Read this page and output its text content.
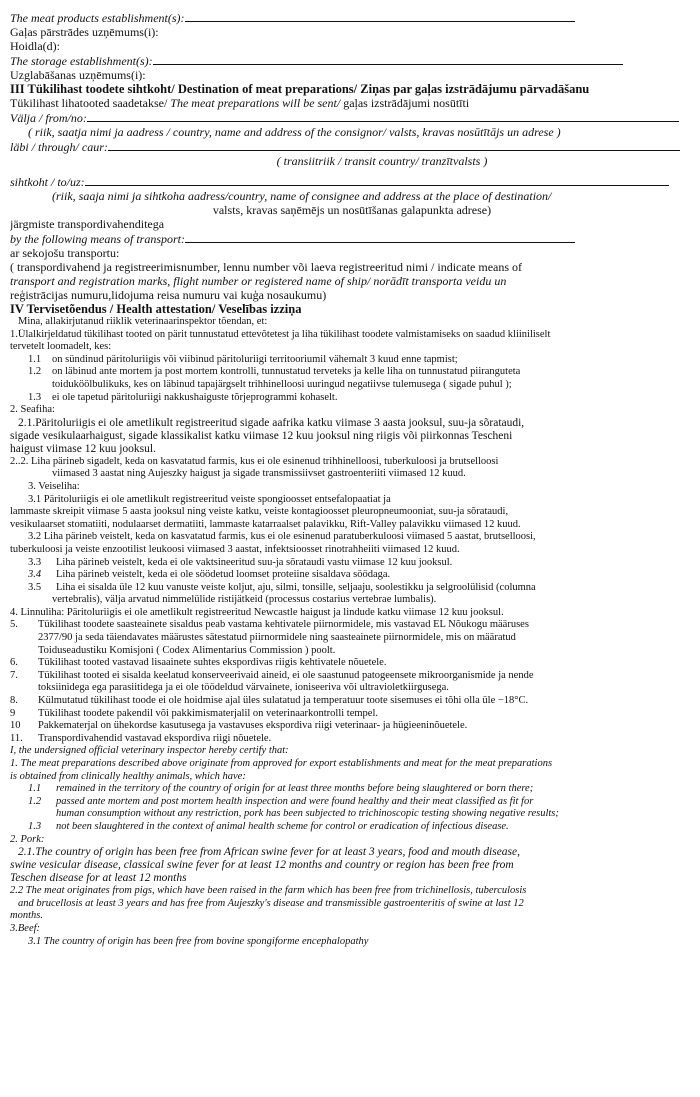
The meat products establishment(s):
Gaļas pārstrādes uzņēmums(i):
Hoidla(d):
The storage establishment(s):
Uzglabāšanas uzņēmums(i):
III Tükilihast toodete sihtkoht/ Destination of meat preparations/ Ziņas par gaļas izstrādājumu pārvadāšanu
Tükilihast lihatooted saadetakse/ The meat preparations will be sent/ gaļas izstrādājumi nosūtīti
Välja / from/no:
( riik, saatja nimi ja aadress / country, name and address of the consignor/ valsts, kravas nosūtītājs un adrese )
läbi / through/ caur:
( transiitriik / transit country/ tranzītvalsts )
sihtkoht / to/uz:
(riik, saaja nimi ja sihtkoha aadress/country, name of consignee and address at the place of destination/
valsts, kravas saņēmējs un nosūtīšanas galapunkta adrese)
järgmiste transpordivahenditega
by the following means of transport:
ar sekojošu transportu:
( transpordivahend ja registreerimisnumber, lennu number või laeva registreeritud nimi / indicate means of
transport and registration marks, flight number or registered name of ship/ norādīt transporta veidu un
reģistrācijas numuru,lidojuma reisa numuru vai kuģa nosaukumu)
IV Tervisetõendus / Health attestation/ Veselības izziņa
Mina, allakirjutanud riiklik veterinaarinspektor tõendan, et:
1.Ülalkirjeldatud tükilihast tooted on pärit tunnustatud ettevõtetest ja liha tükilihast toodete valmistamiseks on saadud kliiniliselt
tervetelt loomadelt, kes:
1.1 on sündinud päritoluriigis või viibinud päritoluriigi territooriumil vähemalt 3 kuud enne tapmist;
1.2 on läbinud ante mortem ja post mortem kontrolli, tunnustatud terveteks ja kelle liha on tunnustatud piiranguteta
toiduköölbulikuks, kes on läbinud tapajärgselt trihhinelloosi uuringud negatiivse tulemusega ( sigade puhul );
1.3 ei ole tapetud päritoluriigi nakkushaiguste tõrjeprogrammi kohaselt.
2. Seafiha:
2.1.Päritoluriigis ei ole ametlikult registreeritud sigade aafrika katku viimase 3 aasta jooksul, suu-ja sõrataudi,
sigade vesikulaarhaigust, sigade klassikalist katku viimase 12 kuu jooksul ning riigis või piirkonnas Tescheni
haigust viimase 12 kuu jooksul.
2..2. Liha pärineb sigadelt, keda on kasvatatud farmis, kus ei ole esinenud trihhinelloosi, tuberkuloosi ja brutselloosi
viimased 3 aastat ning Aujeszky haigust ja sigade transmissiivset gastroenteriiti viimased 12 kuud.
3. Veiseliha:
3.1 Päritoluriigis ei ole ametlikult registreeritud veiste spongioosset entsefalopaatiat ja
lammaste skreipit viimase 5 aasta jooksul ning veiste katku, veiste kontagioosset pleuropneumooniat, suu-ja sõrataudi,
vesikulaarset stomatiiti, nodulaarset dermatiiti, lammaste katarraalset palavikku, Rift-Valley palavikku viimased 12 kuud.
3.2 Liha pärineb veistelt, keda on kasvatatud farmis, kus ei ole esinenud paratuberkuloosi viimased 5 aastat, brutselloosi,
tuberkuloosi ja veiste enzootilist leukoosi viimased 3 aastat, infektsioosset rinotrahheiiti viimased 12 kuud.
3.3 Liha pärineb veistelt, keda ei ole vaktsineeritud suu-ja sõrataudi vastu viimase 12 kuu jooksul.
3.4 Liha pärineb veistelt, keda ei ole söödetud loomset proteiine sisaldava söödaga.
3.5 Liha ei sisalda üle 12 kuu vanuste veiste koljut, aju, silmi, tonsille, seljaaju, soolestikku ja selgroolülisid (columna
vertebralis), välja arvatud nimmelülide ristijätkeid (processus costarius vertebrae lumbalis).
4. Linnuliha: Päritoluriigis ei ole ametlikult registreeritud Newcastle haigust ja lindude katku viimase 12 kuu jooksul.
5. Tükilihast toodete saasteainete sisaldus peab vastama kehtivatele piirnormidele, mis vastavad EL Nõukogu määruses
2377/90 ja seda täiendavates määrustes sätestatud piirnormidele ning saasteainete piirnormidele, mis on määratud
Toiduseadustiku Komisjoni ( Codex Alimentarius Commission ) poolt.
6. Tükilihast tooted vastavad lisaainete suhtes ekspordivas riigis kehtivatele nõuetele.
7. Tükilihast tooted ei sisalda keelatud konserveerivaid aineid, ei ole saastunud patogeensete mikroorganismide ja nende
toksiinidega ega parasiitidega ja ei ole töödeldud värvainete, ioniseeriva või ultravioletkiirgusega.
8. Külmutatud tükilihast toode ei ole hoidmise ajal üles sulatatud ja temperatuur toote sisemuses ei tõhi olla üle −18°C.
9 Tükilihast toodete pakendil või pakkimismaterjalil on veterinaarkontrolli tempel.
10 Pakkematerjal on ühekordse kasutusega ja vastavuses ekspordiva riigi veterinaar- ja hügieeninõuetele.
11. Transpordivahendid vastavad ekspordiva riigi nõuetele.
I, the undersigned official veterinary inspector hereby certify that:
1. The meat preparations described above originate from approved for export establishments and meat for the meat preparations
is obtained from clinically healthy animals, which have:
1.1 remained in the territory of the country of origin for at least three months before being slaughtered or born there;
1.2 passed ante mortem and post mortem health inspection and were found healthy and their meat classified as fit for
human consumption without any restriction, pork has been subjected to trichinoscopic testing showing negative results;
1.3 not been slaughtered in the context of animal health scheme for control or eradication of infectious disease.
2. Pork:
2.1.The country of origin has been free from African swine fever for at least 3 years, food and mouth disease,
swine vesicular disease, classical swine fever for at least 12 months and country or region has been free from
Teschen disease for at least 12 months
2.2 The meat originates from pigs, which have been raised in the farm which has been free from trichinellosis, tuberculosis
and brucellosis at least 3 years and has free from Aujeszky's disease and transmissible gastroenteritis of swine at last 12
months.
3.Beef:
3.1 The country of origin has been free from bovine spongiforme encephalopathy
